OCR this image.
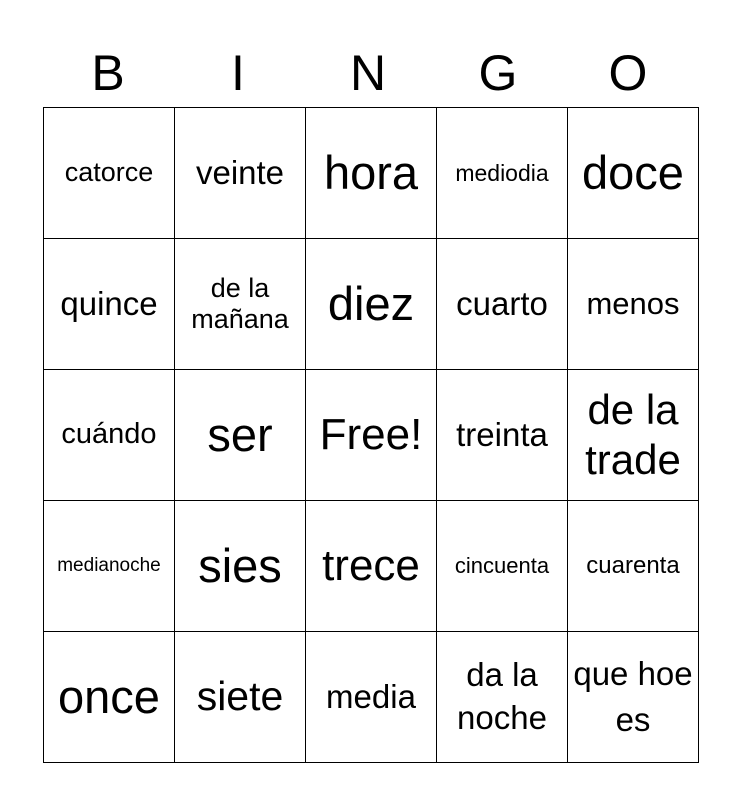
B	I	N	G	O
catorce	veinte	hora	mediodia	doce

quince	de la mañana	diez	cuarto	menos

cuándo	ser	Free!	treinta	de la trade

medianoche	sies	trece	cincuenta	cuarenta

once	siete	media	da la noche	que hoe es
